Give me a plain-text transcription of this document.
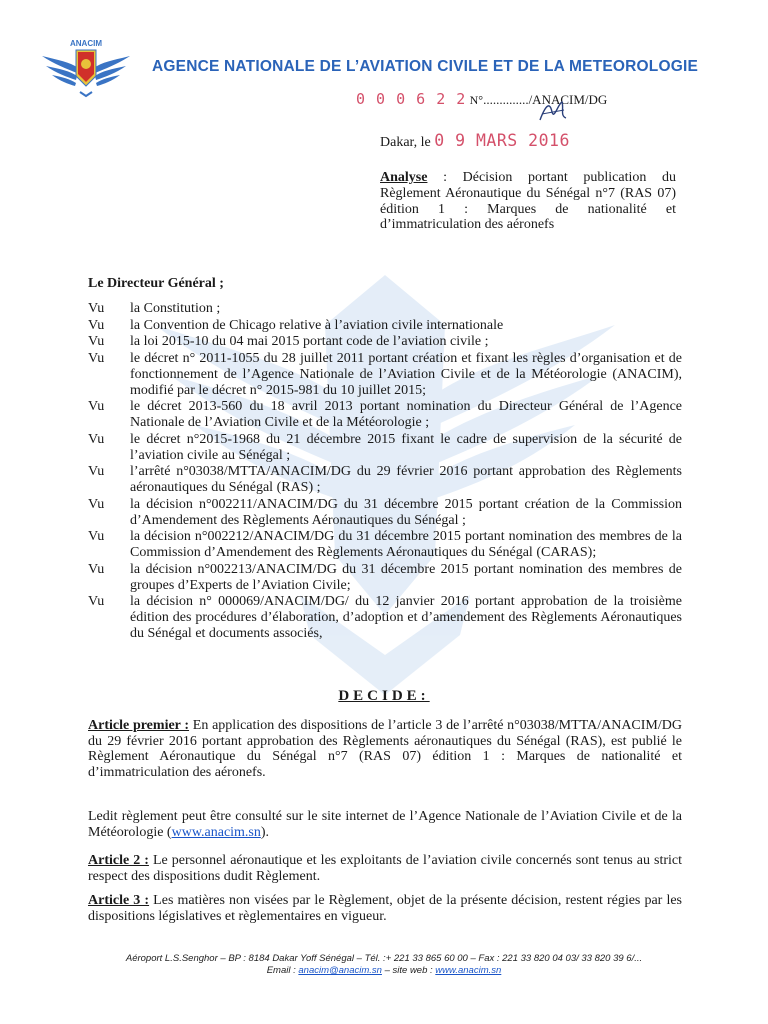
ANACIM
AGENCE NATIONALE DE L’AVIATION CIVILE ET DE LA METEOROLOGIE
0 0 0 6 2 2 N°............../ANACIM/DG
Dakar, le 0 9 MARS 2016
Analyse : Décision portant publication du Règlement Aéronautique du Sénégal n°7 (RAS 07) édition 1 : Marques de nationalité et d’immatriculation des aéronefs
Le Directeur Général ;
Vu	la Constitution ;
Vu	la Convention de Chicago relative à l’aviation civile internationale
Vu	la loi 2015-10 du 04 mai 2015 portant code de l’aviation civile ;
Vu	le décret n° 2011-1055 du 28 juillet 2011 portant création et fixant les règles d’organisation et de fonctionnement de l’Agence Nationale de l’Aviation Civile et de la Météorologie (ANACIM), modifié par le décret n° 2015-981 du 10 juillet 2015;
Vu	le décret 2013-560 du 18 avril 2013 portant nomination du Directeur Général de l’Agence Nationale de l’Aviation Civile et de la Météorologie ;
Vu	le décret n°2015-1968 du 21 décembre 2015 fixant le cadre de supervision de la sécurité de l’aviation civile au Sénégal ;
Vu	l’arrêté n°03038/MTTA/ANACIM/DG du 29 février 2016 portant approbation des Règlements aéronautiques du Sénégal (RAS) ;
Vu	la décision n°002211/ANACIM/DG du 31 décembre 2015 portant création de la Commission d’Amendement des Règlements Aéronautiques du Sénégal ;
Vu	la décision n°002212/ANACIM/DG du 31 décembre 2015 portant nomination des membres de la Commission d’Amendement des Règlements Aéronautiques du Sénégal (CARAS);
Vu	la décision n°002213/ANACIM/DG du 31 décembre 2015 portant nomination des membres de groupes d’Experts de l’Aviation Civile;
Vu	la décision n° 000069/ANACIM/DG/ du 12 janvier 2016 portant approbation de la troisième édition des procédures d’élaboration, d’adoption et d’amendement des Règlements Aéronautiques du Sénégal et documents associés,
DECIDE:
Article premier : En application des dispositions de l’article 3 de l’arrêté n°03038/MTTA/ANACIM/DG du 29 février 2016 portant approbation des Règlements aéronautiques du Sénégal (RAS), est publié le Règlement Aéronautique du Sénégal n°7 (RAS 07) édition 1 : Marques de nationalité et d’immatriculation des aéronefs.
Ledit règlement peut être consulté sur le site internet de l’Agence Nationale de l’Aviation Civile et de la Météorologie (www.anacim.sn).
Article 2 : Le personnel aéronautique et les exploitants de l’aviation civile concernés sont tenus au strict respect des dispositions dudit Règlement.
Article 3 : Les matières non visées par le Règlement, objet de la présente décision, restent régies par les dispositions législatives et règlementaires en vigueur.
Aéroport L.S.Senghor – BP : 8184 Dakar Yoff Sénégal – Tél. :+ 221 33 865 60 00 – Fax : 221 33 820 04 03/ 33 820 39 6/...
Email : anacim@anacim.sn – site web : www.anacim.sn
